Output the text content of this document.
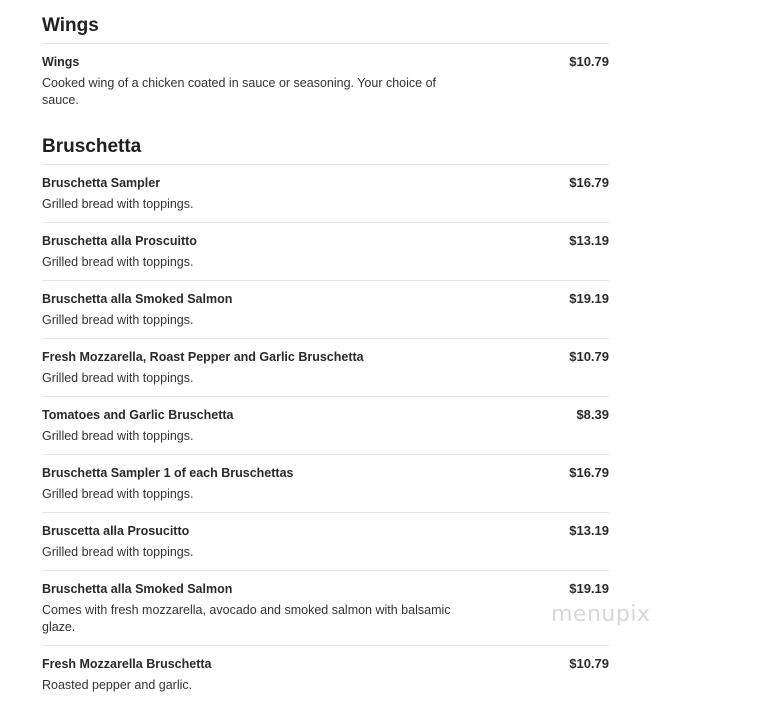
Wings
Wings	$10.79
Cooked wing of a chicken coated in sauce or seasoning. Your choice of sauce.
Bruschetta
Bruschetta Sampler	$16.79
Grilled bread with toppings.
Bruschetta alla Proscuitto	$13.19
Grilled bread with toppings.
Bruschetta alla Smoked Salmon	$19.19
Grilled bread with toppings.
Fresh Mozzarella, Roast Pepper and Garlic Bruschetta	$10.79
Grilled bread with toppings.
Tomatoes and Garlic Bruschetta	$8.39
Grilled bread with toppings.
Bruschetta Sampler 1 of each Bruschettas	$16.79
Grilled bread with toppings.
Bruscetta alla Prosucitto	$13.19
Grilled bread with toppings.
Bruschetta alla Smoked Salmon	$19.19
Comes with fresh mozzarella, avocado and smoked salmon with balsamic glaze.
Fresh Mozzarella Bruschetta	$10.79
Roasted pepper and garlic.
menupix
